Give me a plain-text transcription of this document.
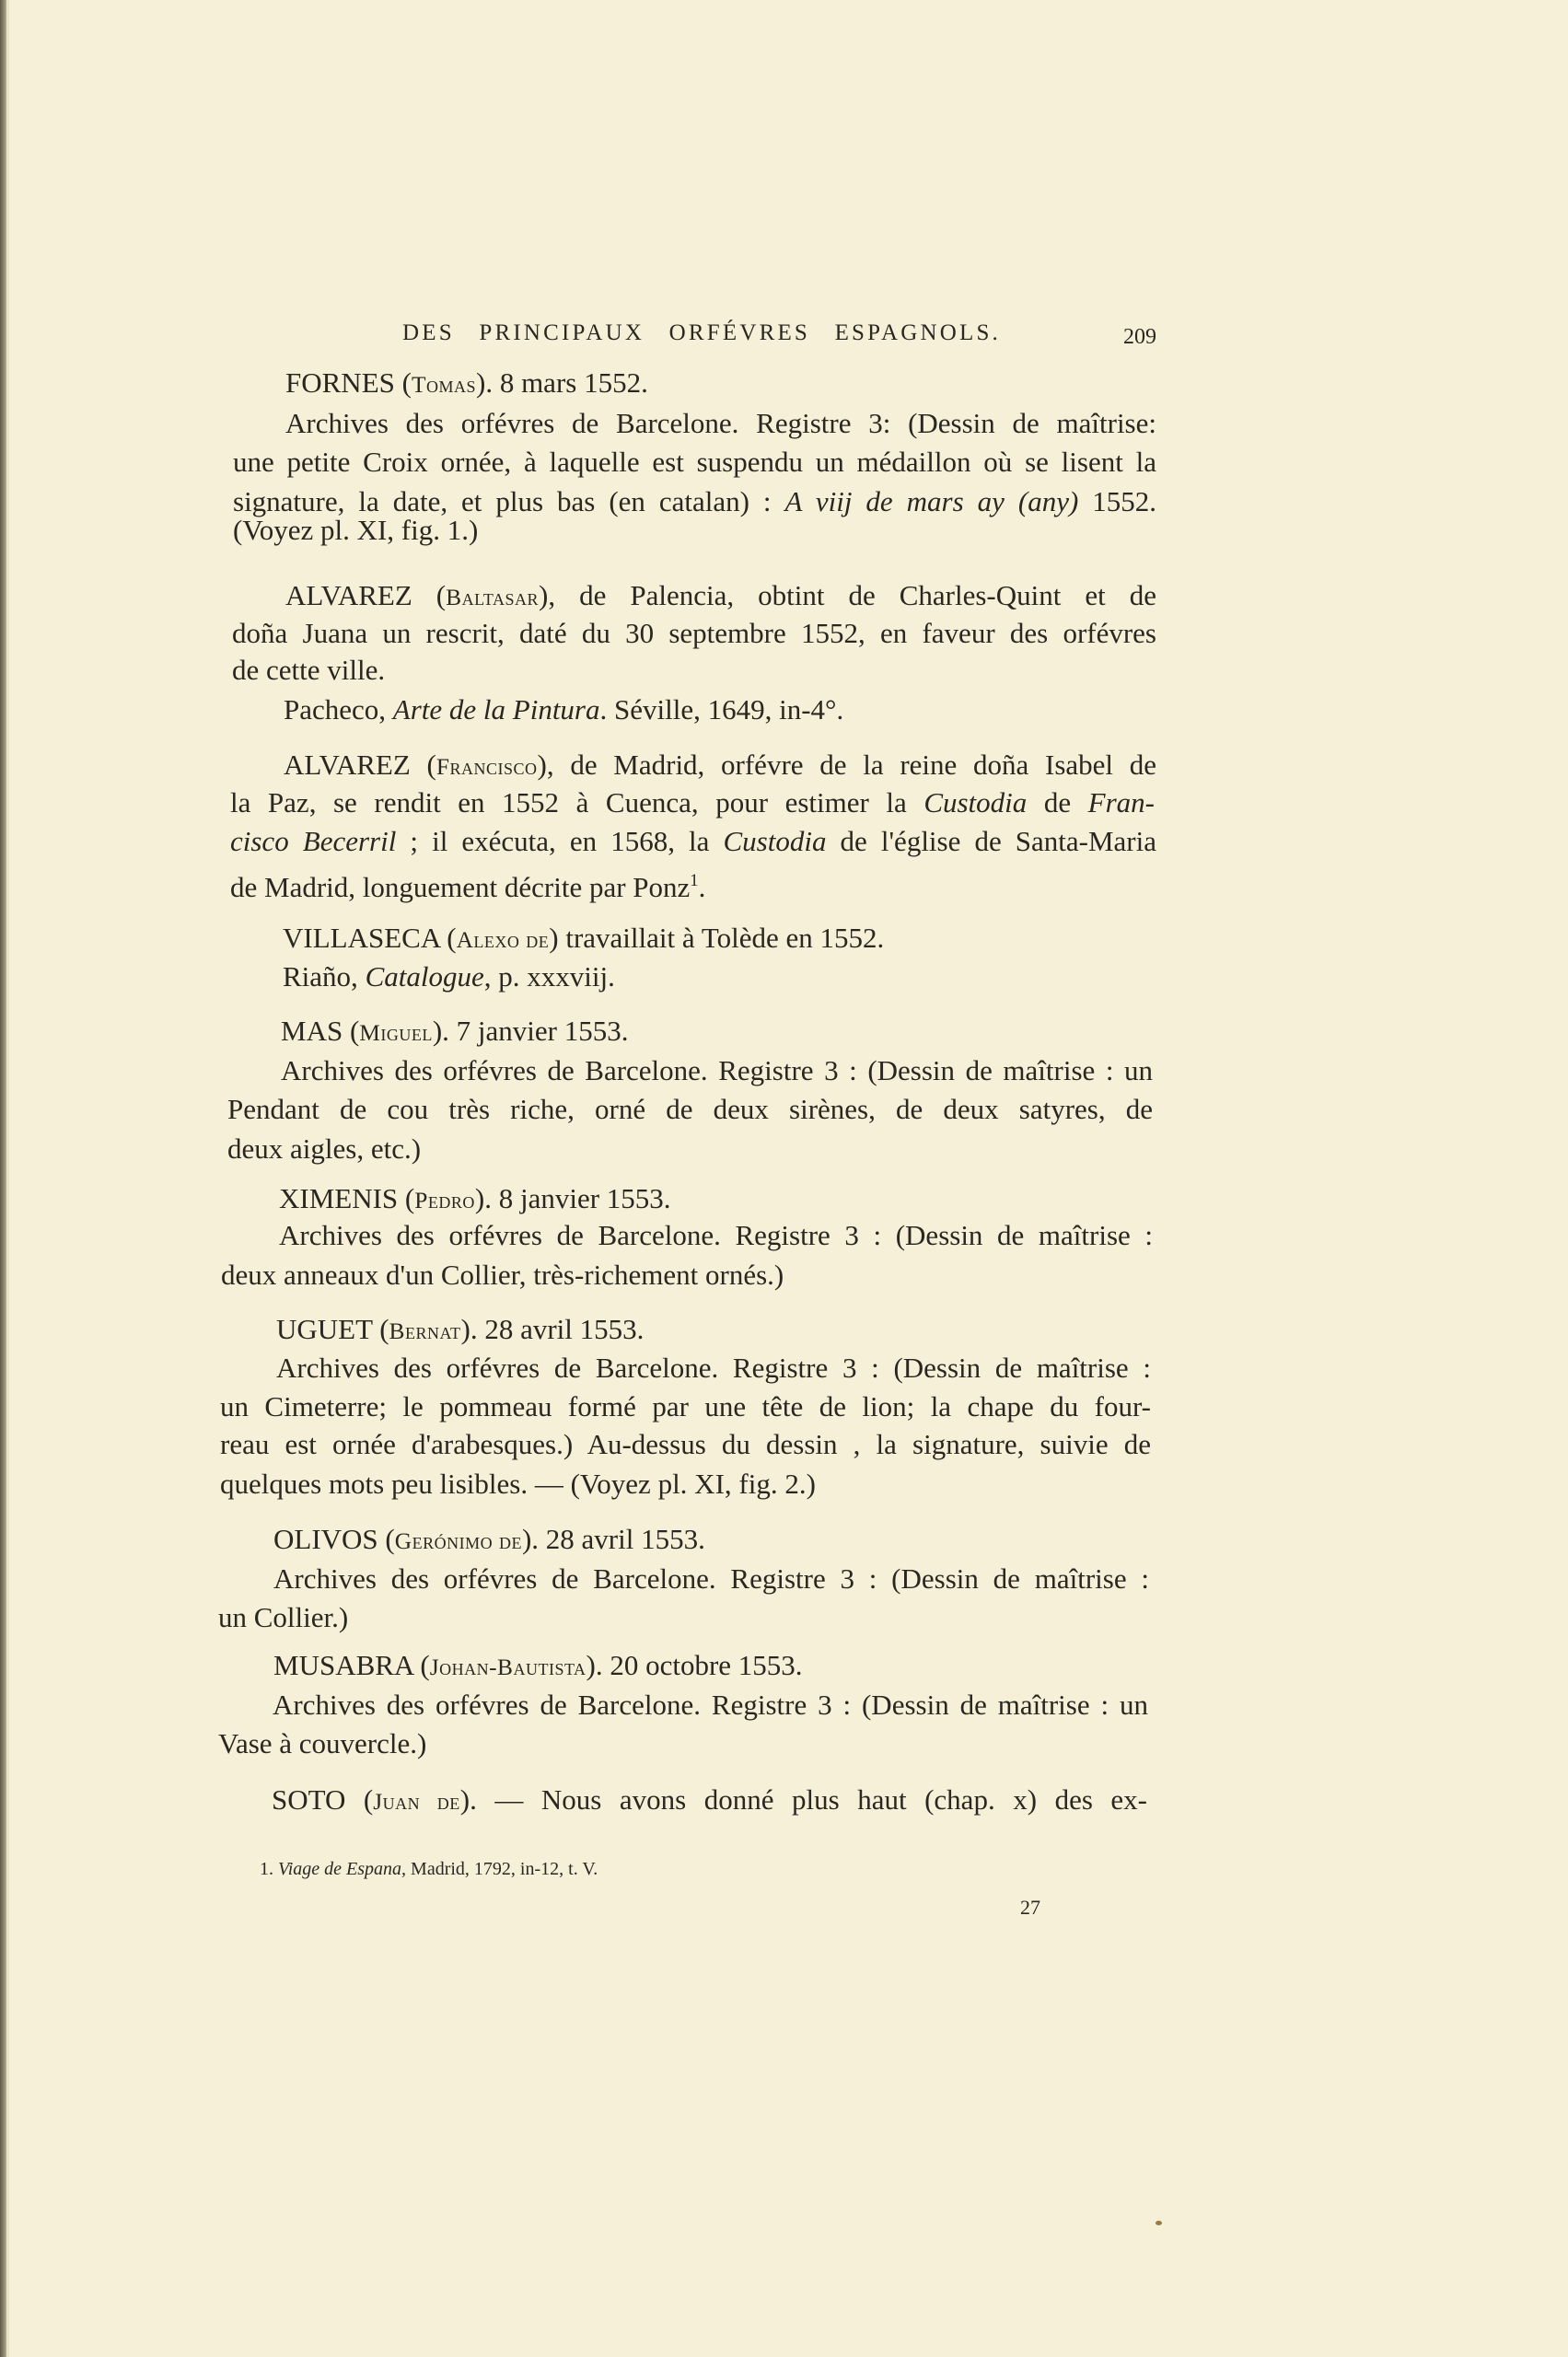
DES PRINCIPAUX ORFÉVRES ESPAGNOLS.	209
FORNES (Tomas). 8 mars 1552.
Archives des orfévres de Barcelone. Registre 3: (Dessin de maîtrise:
une petite Croix ornée, à laquelle est suspendu un médaillon où se lisent la
signature, la date, et plus bas (en catalan) : A viij de mars ay (any) 1552.
(Voyez pl. XI, fig. 1.)
ALVAREZ (Baltasar), de Palencia, obtint de Charles-Quint et de
doña Juana un rescrit, daté du 30 septembre 1552, en faveur des orfévres
de cette ville.
Pacheco, Arte de la Pintura. Séville, 1649, in-4°.
ALVAREZ (Francisco), de Madrid, orfévre de la reine doña Isabel de
la Paz, se rendit en 1552 à Cuenca, pour estimer la Custodia de Fran-
cisco Becerril ; il exécuta, en 1568, la Custodia de l'église de Santa-Maria
de Madrid, longuement décrite par Ponz$^1$.
VILLASECA (Alexo de) travaillait à Tolède en 1552.
Riaño, Catalogue, p. xxxviij.
MAS (Miguel). 7 janvier 1553.
Archives des orfévres de Barcelone. Registre 3 : (Dessin de maîtrise : un
Pendant de cou très riche, orné de deux sirènes, de deux satyres, de
deux aigles, etc.)
XIMENIS (Pedro). 8 janvier 1553.
Archives des orfévres de Barcelone. Registre 3 : (Dessin de maîtrise :
deux anneaux d'un Collier, très-richement ornés.)
UGUET (Bernat). 28 avril 1553.
Archives des orfévres de Barcelone. Registre 3 : (Dessin de maîtrise :
un Cimeterre; le pommeau formé par une tête de lion; la chape du four-
reau est ornée d'arabesques.) Au-dessus du dessin , la signature, suivie de
quelques mots peu lisibles. — (Voyez pl. XI, fig. 2.)
OLIVOS (Gerónimo de). 28 avril 1553.
Archives des orfévres de Barcelone. Registre 3 : (Dessin de maîtrise :
un Collier.)
MUSABRA (Johan-Bautista). 20 octobre 1553.
Archives des orfévres de Barcelone. Registre 3 : (Dessin de maîtrise : un
Vase à couvercle.)
SOTO (Juan de). — Nous avons donné plus haut (chap. x) des ex-
1. Viage de Espana, Madrid, 1792, in-12, t. V.
27
